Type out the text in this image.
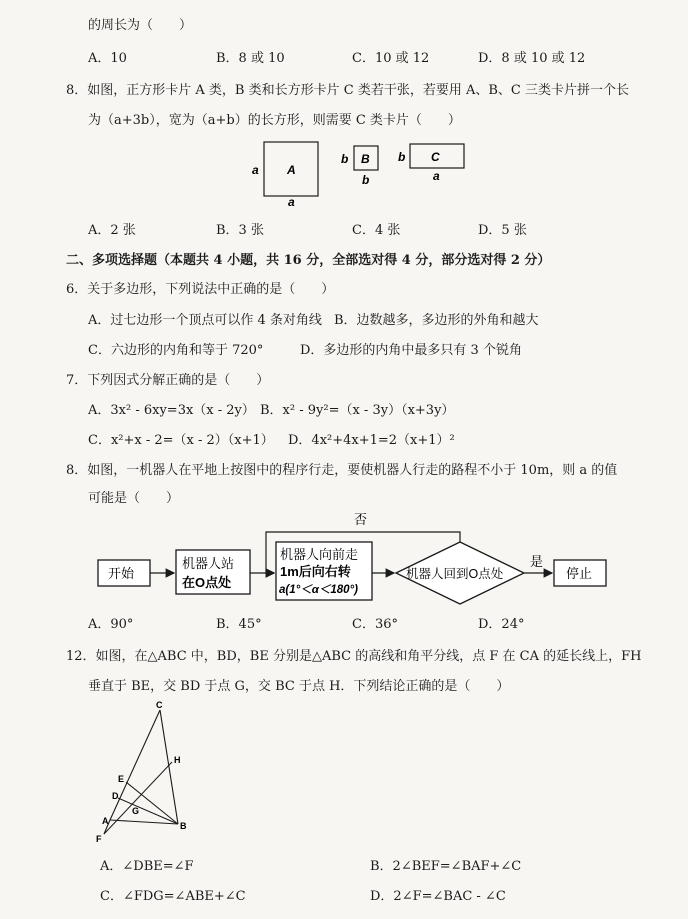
的周长为（　　）
A．10	B．8 或 10	C．10 或 12	D．8 或 10 或 12
8．如图，正方形卡片 A 类，B 类和长方形卡片 C 类若干张，若要用 A、B、C 三类卡片拼一个长
为（a+3b），宽为（a+b）的长方形，则需要 C 类卡片（　　）
A
a
a
B
b
b
C
b
a
A．2 张	B．3 张	C．4 张	D．5 张
二、多项选择题（本题共 4 小题，共 16 分，全部选对得 4 分，部分选对得 2 分）
6．关于多边形，下列说法中正确的是（　　）
A．过七边形一个顶点可以作 4 条对角线 B．边数越多，多边形的外角和越大
C．六边形的内角和等于 720°	D．多边形的内角中最多只有 3 个锐角
7．下列因式分解正确的是（　　）
A．3x² - 6xy=3x（x - 2y） B．x² - 9y²=（x - 3y）（x+3y）
C．x²+x - 2=（x - 2）（x+1） D．4x²+4x+1=2（x+1）²
8．如图，一机器人在平地上按图中的程序行走，要使机器人行走的路程不小于 10m，则 a 的值
可能是（　　）
开始
机器人站
在O点处
机器人向前走
1m后向右转
a(1°＜α＜180°)
机器人回到O点处
是
停止
否
A．90°	B．45°	C．36°	D．24°
12．如图，在△ABC 中，BD，BE 分别是△ABC 的高线和角平分线，点 F 在 CA 的延长线上，FH
垂直于 BE，交 BD 于点 G，交 BC 于点 H．下列结论正确的是（　　）
C
H
E
D
G
A	B
F
A．∠DBE=∠F	B．2∠BEF=∠BAF+∠C
C．∠FDG=∠ABE+∠C	D．2∠F=∠BAC - ∠C
